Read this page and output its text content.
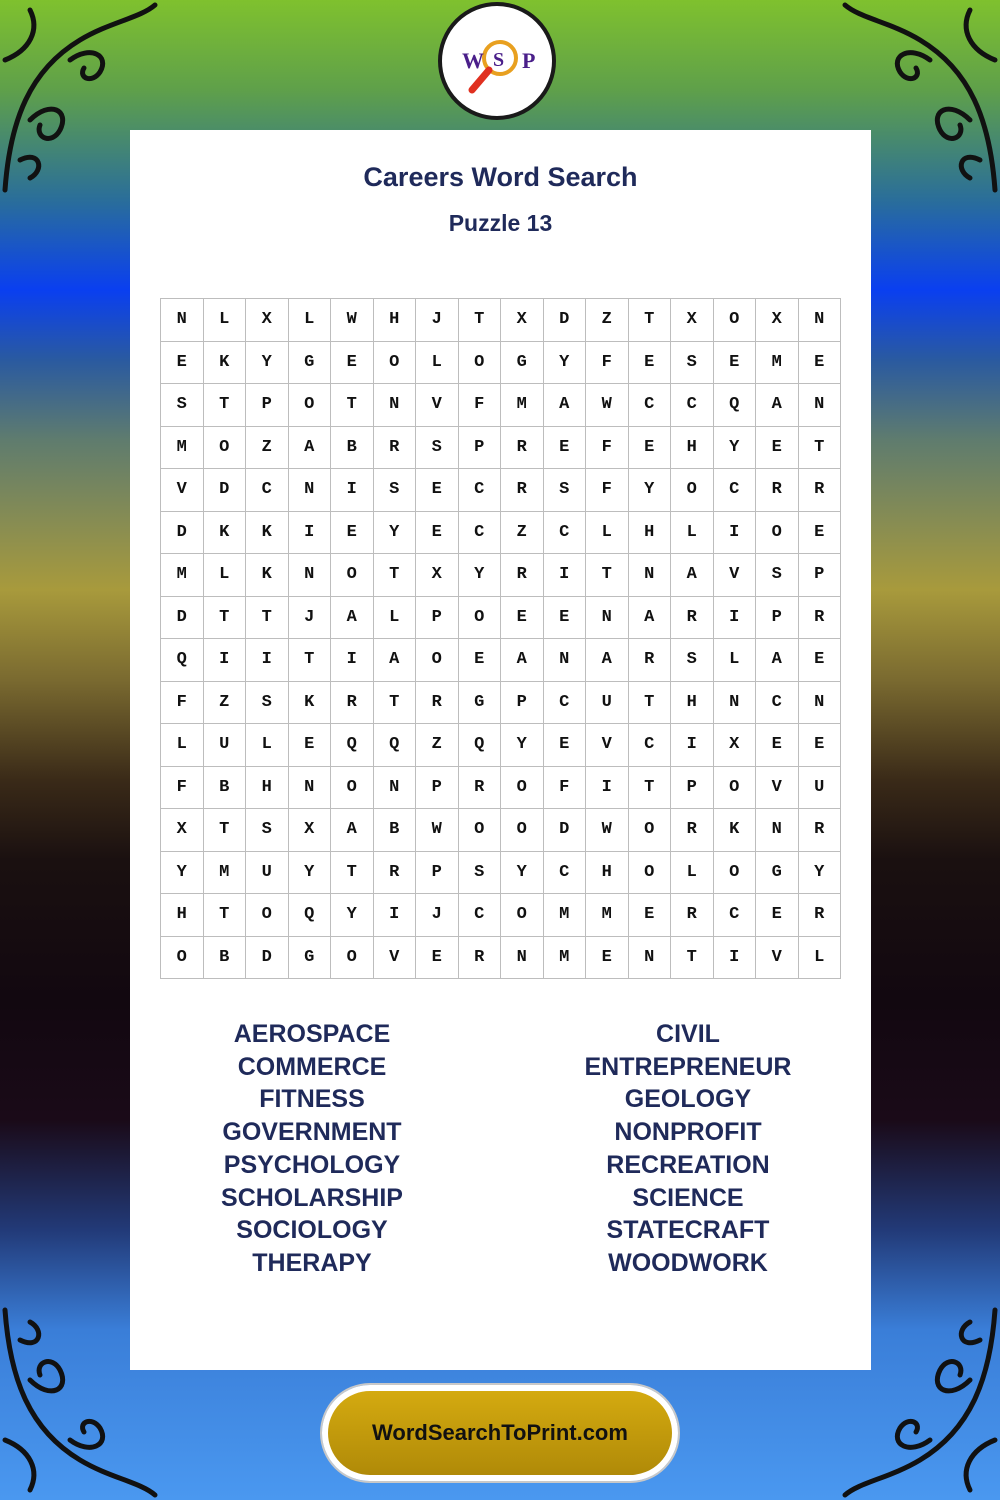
W S P
Careers Word Search
Puzzle 13
N	L	X	L	W	H	J	T	X	D	Z	T	X	O	X	N
E	K	Y	G	E	O	L	O	G	Y	F	E	S	E	M	E
S	T	P	O	T	N	V	F	M	A	W	C	C	Q	A	N
M	O	Z	A	B	R	S	P	R	E	F	E	H	Y	E	T
V	D	C	N	I	S	E	C	R	S	F	Y	O	C	R	R
D	K	K	I	E	Y	E	C	Z	C	L	H	L	I	O	E
M	L	K	N	O	T	X	Y	R	I	T	N	A	V	S	P
D	T	T	J	A	L	P	O	E	E	N	A	R	I	P	R
Q	I	I	T	I	A	O	E	A	N	A	R	S	L	A	E
F	Z	S	K	R	T	R	G	P	C	U	T	H	N	C	N
L	U	L	E	Q	Q	Z	Q	Y	E	V	C	I	X	E	E
F	B	H	N	O	N	P	R	O	F	I	T	P	O	V	U
X	T	S	X	A	B	W	O	O	D	W	O	R	K	N	R
Y	M	U	Y	T	R	P	S	Y	C	H	O	L	O	G	Y
H	T	O	Q	Y	I	J	C	O	M	M	E	R	C	E	R
O	B	D	G	O	V	E	R	N	M	E	N	T	I	V	L
AEROSPACE
COMMERCE
FITNESS
GOVERNMENT
PSYCHOLOGY
SCHOLARSHIP
SOCIOLOGY
THERAPY
CIVIL
ENTREPRENEUR
GEOLOGY
NONPROFIT
RECREATION
SCIENCE
STATECRAFT
WOODWORK
WordSearchToPrint.com
